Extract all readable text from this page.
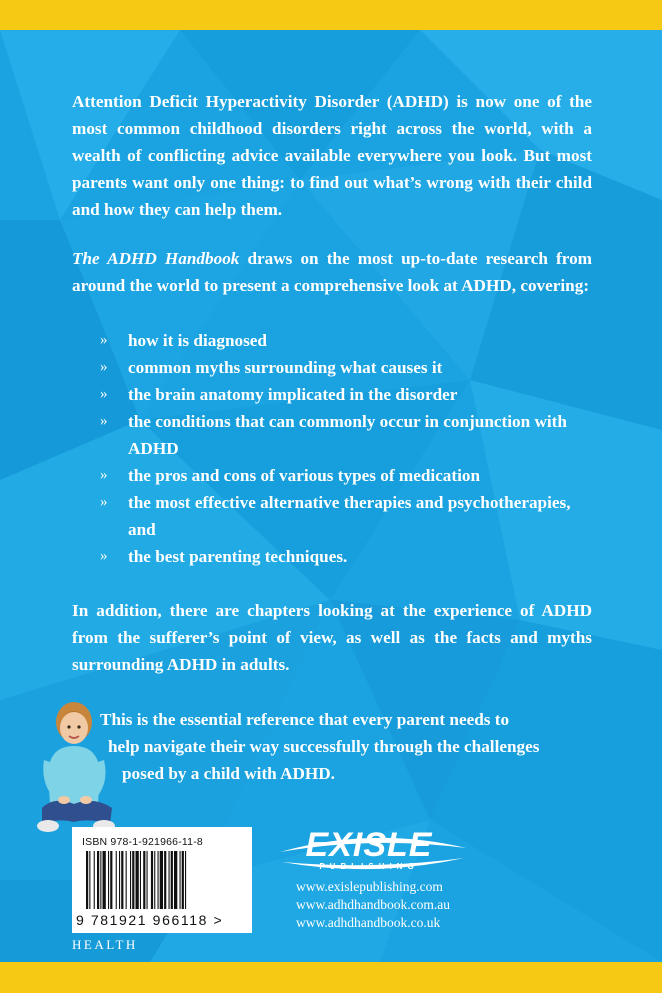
Attention Deficit Hyperactivity Disorder (ADHD) is now one of the most common childhood disorders right across the world, with a wealth of conflicting advice available everywhere you look. But most parents want only one thing: to find out what’s wrong with their child and how they can help them.

The ADHD Handbook draws on the most up-to-date research from around the world to present a comprehensive look at ADHD, covering:

» how it is diagnosed
» common myths surrounding what causes it
» the brain anatomy implicated in the disorder
» the conditions that can commonly occur in conjunction with ADHD
» the pros and cons of various types of medication
» the most effective alternative therapies and psychotherapies, and
» the best parenting techniques.

In addition, there are chapters looking at the experience of ADHD from the sufferer’s point of view, as well as the facts and myths surrounding ADHD in adults.

This is the essential reference that every parent needs to
help navigate their way successfully through the challenges
posed by a child with ADHD.

ISBN 978-1-921966-11-8
9 781921 966118 >
HEALTH
EXISLE
PUBLISHING
www.exislepublishing.com
www.adhdhandbook.com.au
www.adhdhandbook.co.uk
